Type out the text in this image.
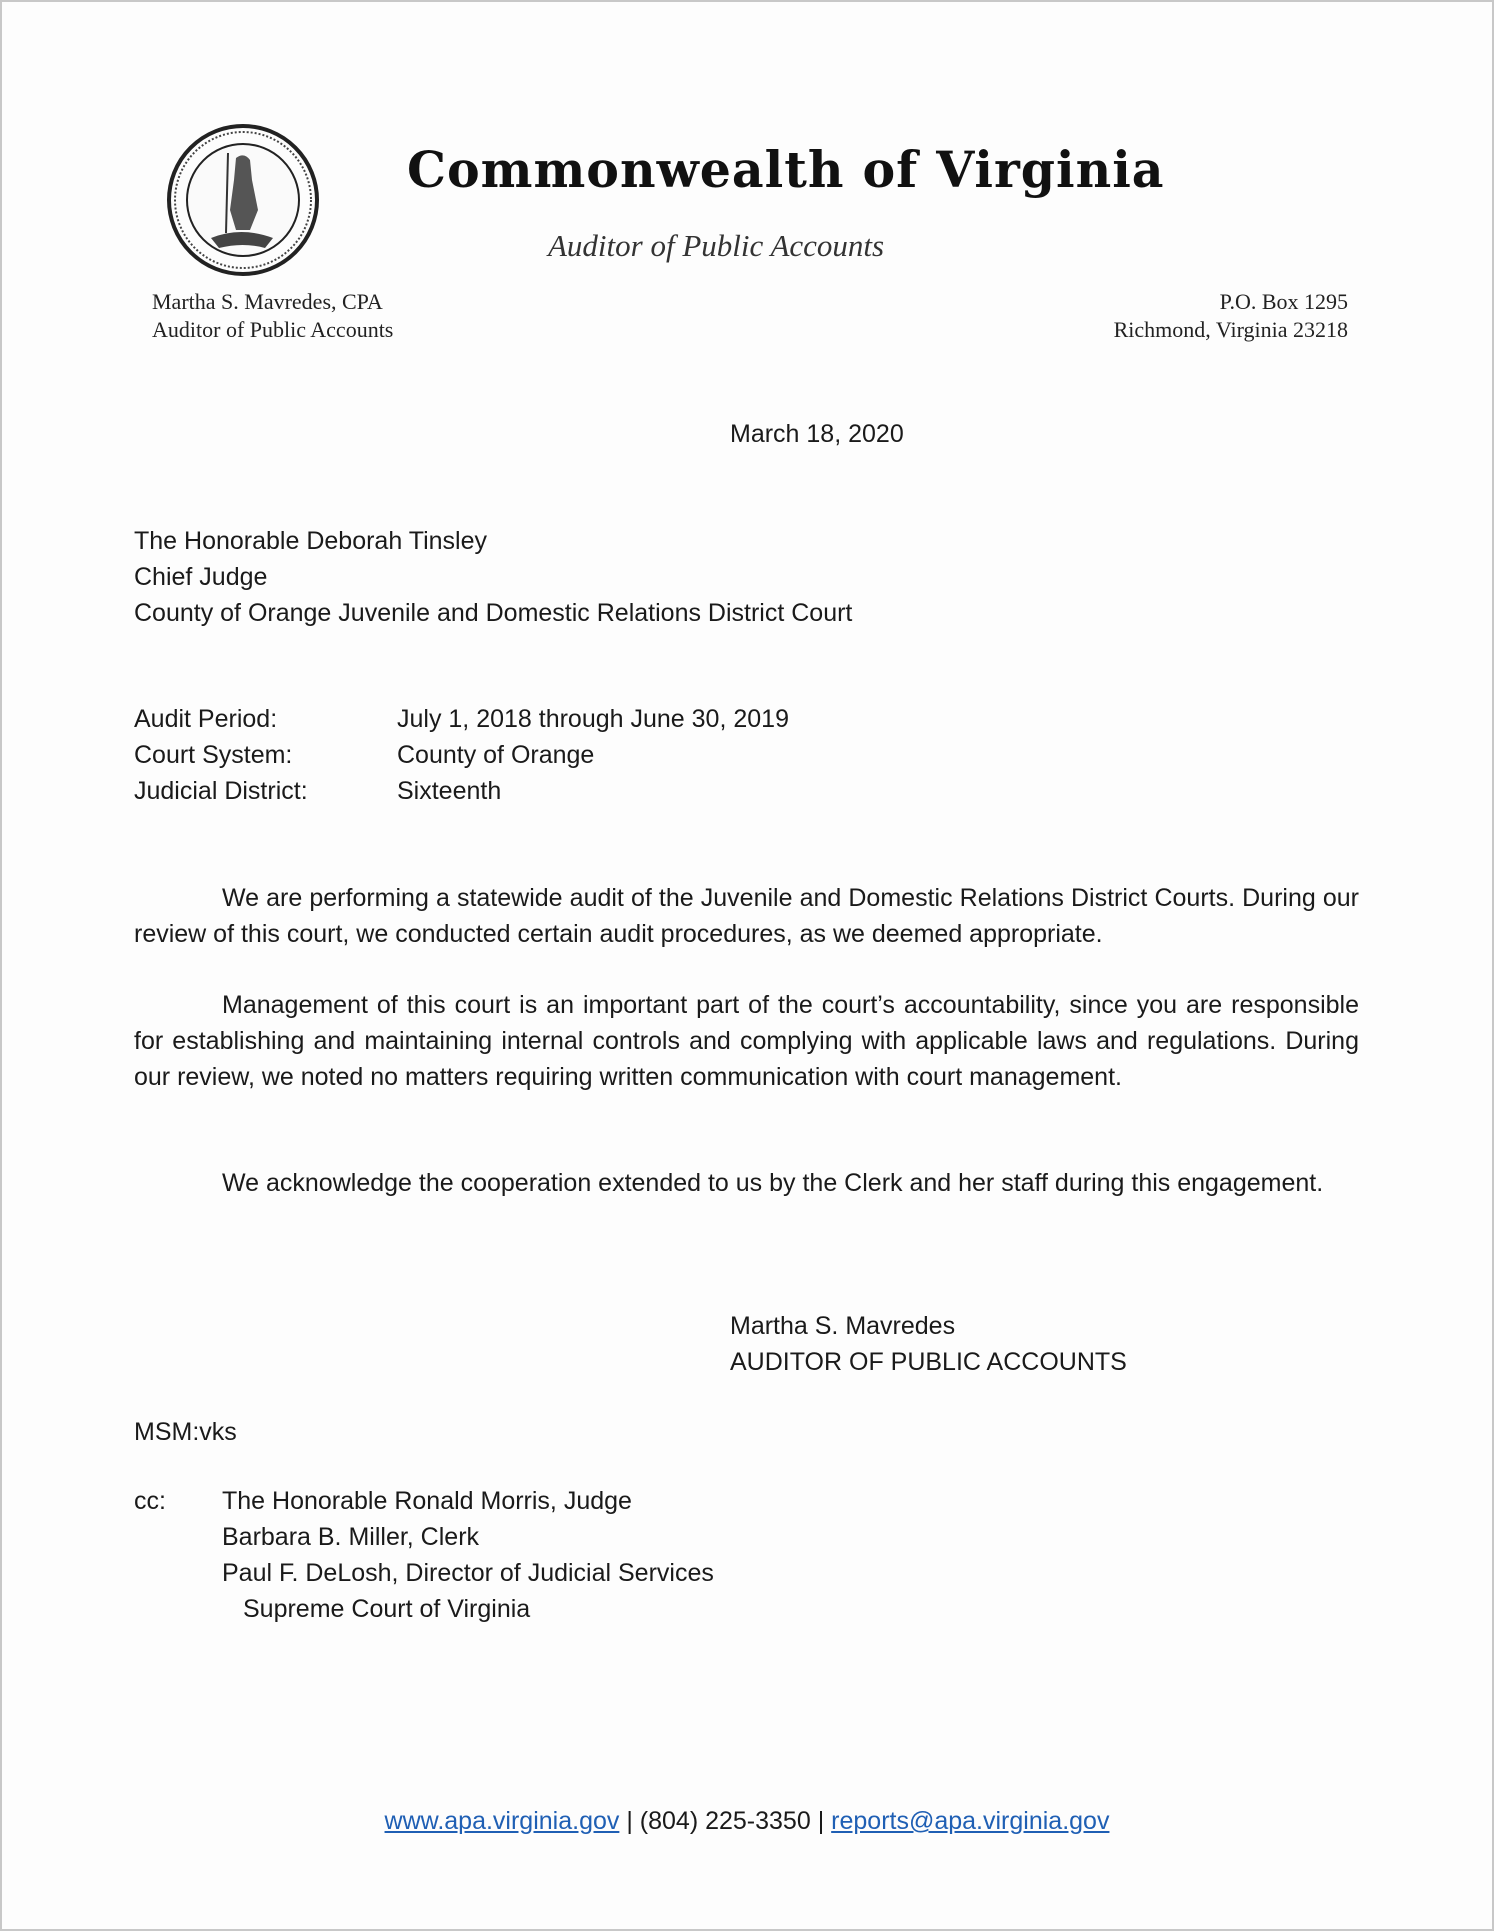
Commonwealth of Virginia
Auditor of Public Accounts
Martha S. Mavredes, CPA
Auditor of Public Accounts
P.O. Box 1295
Richmond, Virginia 23218
March 18, 2020
The Honorable Deborah Tinsley
Chief Judge
County of Orange Juvenile and Domestic Relations District Court
Audit Period:	July 1, 2018 through June 30, 2019
Court System:	County of Orange
Judicial District:	Sixteenth
We are performing a statewide audit of the Juvenile and Domestic Relations District Courts. During our review of this court, we conducted certain audit procedures, as we deemed appropriate.
Management of this court is an important part of the court’s accountability, since you are responsible for establishing and maintaining internal controls and complying with applicable laws and regulations. During our review, we noted no matters requiring written communication with court management.
We acknowledge the cooperation extended to us by the Clerk and her staff during this engagement.
Martha S. Mavredes
AUDITOR OF PUBLIC ACCOUNTS
MSM:vks
cc: The Honorable Ronald Morris, Judge
Barbara B. Miller, Clerk
Paul F. DeLosh, Director of Judicial Services
Supreme Court of Virginia
www.apa.virginia.gov | (804) 225-3350 | reports@apa.virginia.gov
